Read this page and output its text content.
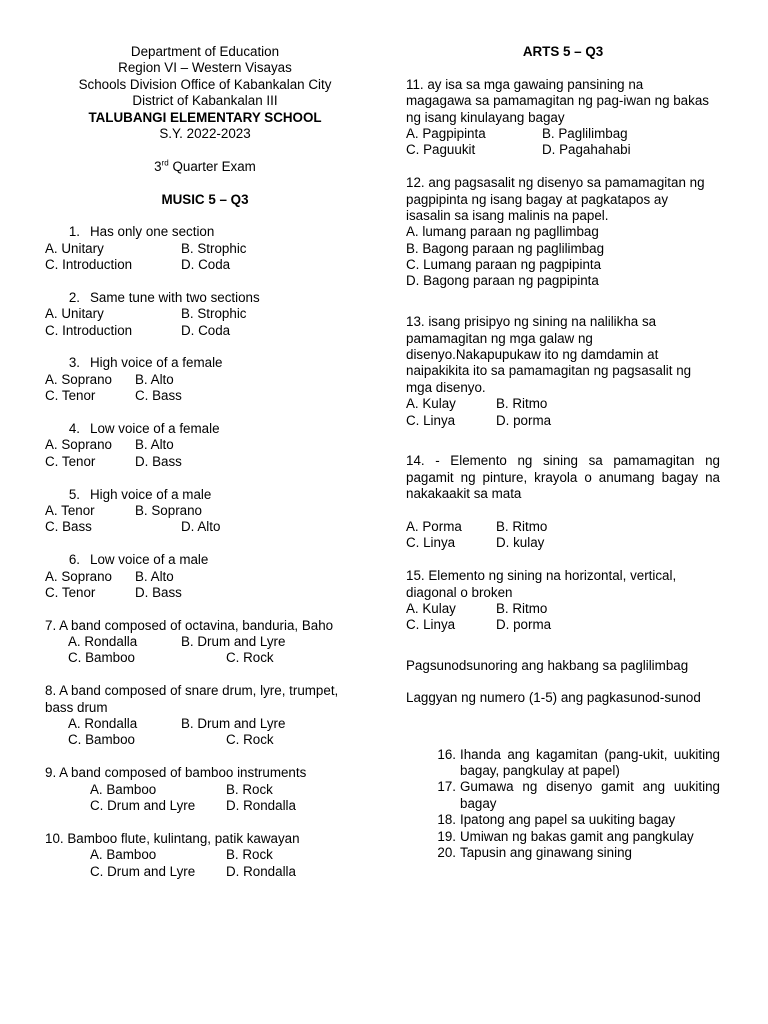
Department of Education
Region VI – Western Visayas
Schools Division Office of Kabankalan City
District of Kabankalan III
TALUBANGI ELEMENTARY SCHOOL
S.Y. 2022-2023
3rd Quarter Exam
MUSIC 5 – Q3
1. Has only one section
A. Unitary	B. Strophic
C. Introduction	D. Coda
2. Same tune with two sections
A. Unitary	B. Strophic
C. Introduction	D. Coda
3. High voice of a female
A. Soprano	B. Alto
C. Tenor	C. Bass
4. Low voice of a female
A. Soprano	B. Alto
C. Tenor	D. Bass
5. High voice of a male
A. Tenor	B. Soprano
C. Bass	D. Alto
6. Low voice of a male
A. Soprano	B. Alto
C. Tenor	D. Bass
7. A band composed of octavina, banduria, Baho
A. Rondalla	B. Drum and Lyre
C. Bamboo	C. Rock
8. A band composed of snare drum, lyre, trumpet,
bass drum
A. Rondalla	B. Drum and Lyre
C. Bamboo	C. Rock
9. A band composed of bamboo instruments
A. Bamboo	B. Rock
C. Drum and Lyre	D. Rondalla
10. Bamboo flute, kulintang, patik kawayan
A. Bamboo	B. Rock
C. Drum and Lyre	D. Rondalla
ARTS 5 – Q3
11. ay isa sa mga gawaing pansining na
magagawa sa pamamagitan ng pag-iwan ng bakas
ng isang kinulayang bagay
A. Pagpipinta	B. Paglilimbag
C. Paguukit	D. Pagahahabi
12. ang pagsasalit ng disenyo sa pamamagitan ng
pagpipinta ng isang bagay at pagkatapos ay
isasalin sa isang malinis na papel.
A. lumang paraan ng pagllimbag
B. Bagong paraan ng paglilimbag
C. Lumang paraan ng pagpipinta
D. Bagong paraan ng pagpipinta
13. isang prisipyo ng sining na nalilikha sa
pamamagitan ng mga galaw ng
disenyo.Nakapupukaw ito ng damdamin at
naipakikita ito sa pamamagitan ng pagsasalit ng
mga disenyo.
A. Kulay	B. Ritmo
C. Linya	D. porma
14. - Elemento ng sining sa pamamagitan ng
pagamit ng pinture, krayola o anumang bagay na
nakakaakit sa mata
A. Porma	B. Ritmo
C. Linya	D. kulay
15. Elemento ng sining na horizontal, vertical,
diagonal o broken
A. Kulay	B. Ritmo
C. Linya	D. porma
Pagsunodsunoring ang hakbang sa paglilimbag
Laggyan ng numero (1-5) ang pagkasunod-sunod
16. Ihanda ang kagamitan (pang-ukit, uukiting
bagay, pangkulay at papel)
17. Gumawa ng disenyo gamit ang uukiting
bagay
18. Ipatong ang papel sa uukiting bagay
19. Umiwan ng bakas gamit ang pangkulay
20. Tapusin ang ginawang sining
